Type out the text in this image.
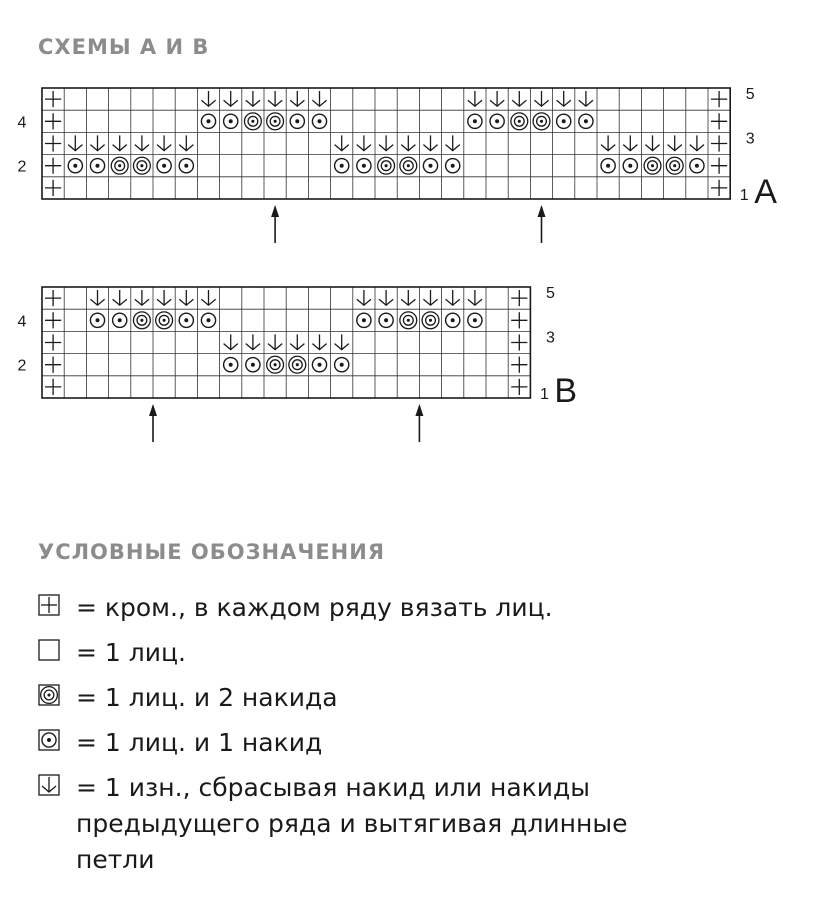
СХЕМЫ А И В
4
2
5
3
1 A
4
2
5
3
1 B
УСЛОВНЫЕ ОБОЗНАЧЕНИЯ
= кром., в каждом ряду вязать лиц.
= 1 лиц.
= 1 лиц. и 2 накида
= 1 лиц. и 1 накид
= 1 изн., сбрасывая накид или накиды предыдущего ряда и вытягивая длинные петли
